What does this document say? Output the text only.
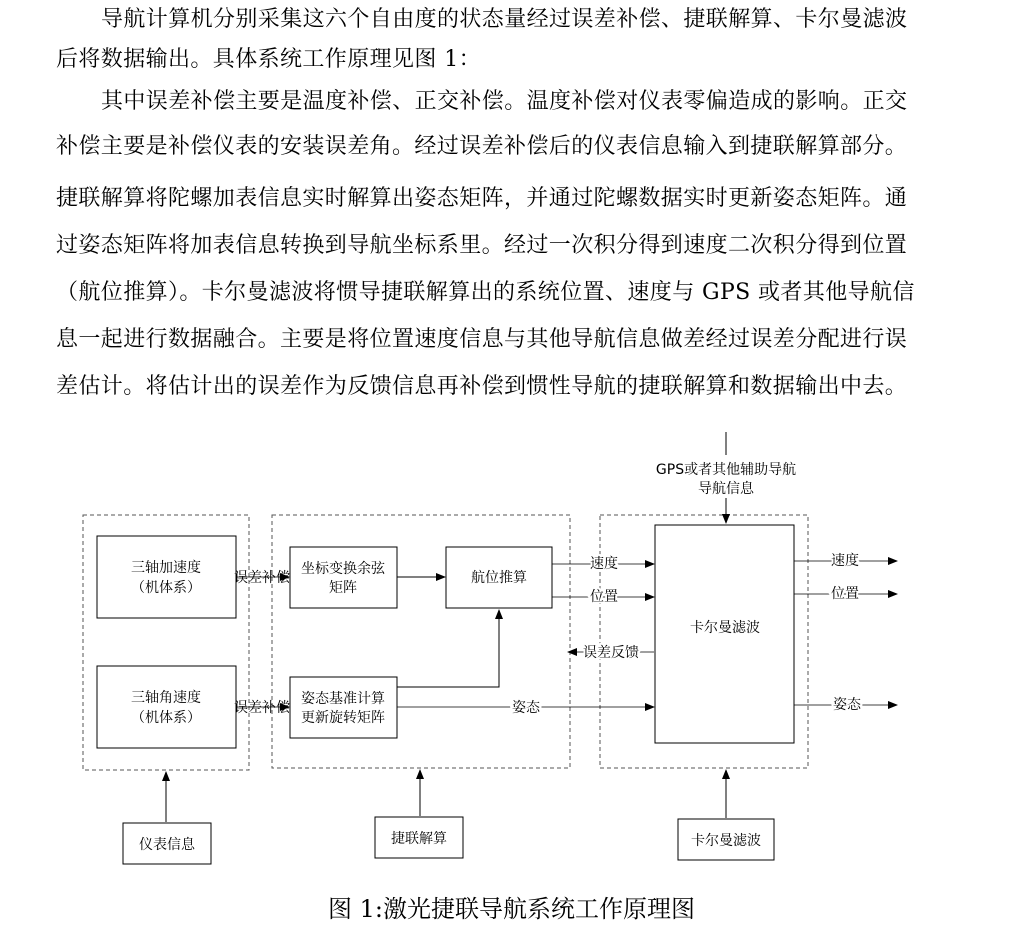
导航计算机分别采集这六个自由度的状态量经过误差补偿、捷联解算、卡尔曼滤波
后将数据输出。具体系统工作原理见图 1：
其中误差补偿主要是温度补偿、正交补偿。温度补偿对仪表零偏造成的影响。正交
补偿主要是补偿仪表的安装误差角。经过误差补偿后的仪表信息输入到捷联解算部分。
捷联解算将陀螺加表信息实时解算出姿态矩阵，并通过陀螺数据实时更新姿态矩阵。通
过姿态矩阵将加表信息转换到导航坐标系里。经过一次积分得到速度二次积分得到位置
（航位推算）。卡尔曼滤波将惯导捷联解算出的系统位置、速度与 GPS 或者其他导航信
息一起进行数据融合。主要是将位置速度信息与其他导航信息做差经过误差分配进行误
差估计。将估计出的误差作为反馈信息再补偿到惯性导航的捷联解算和数据输出中去。
GPS或者其他辅助导航
导航信息
三轴加速度
（机体系）
三轴角速度
（机体系）
误差补偿
误差补偿
坐标变换余弦
矩阵
航位推算
姿态基准计算
更新旋转矩阵
速度
位置
误差反馈
姿态
卡尔曼滤波
速度
位置
姿态
仪表信息	捷联解算	卡尔曼滤波
图 1:激光捷联导航系统工作原理图
